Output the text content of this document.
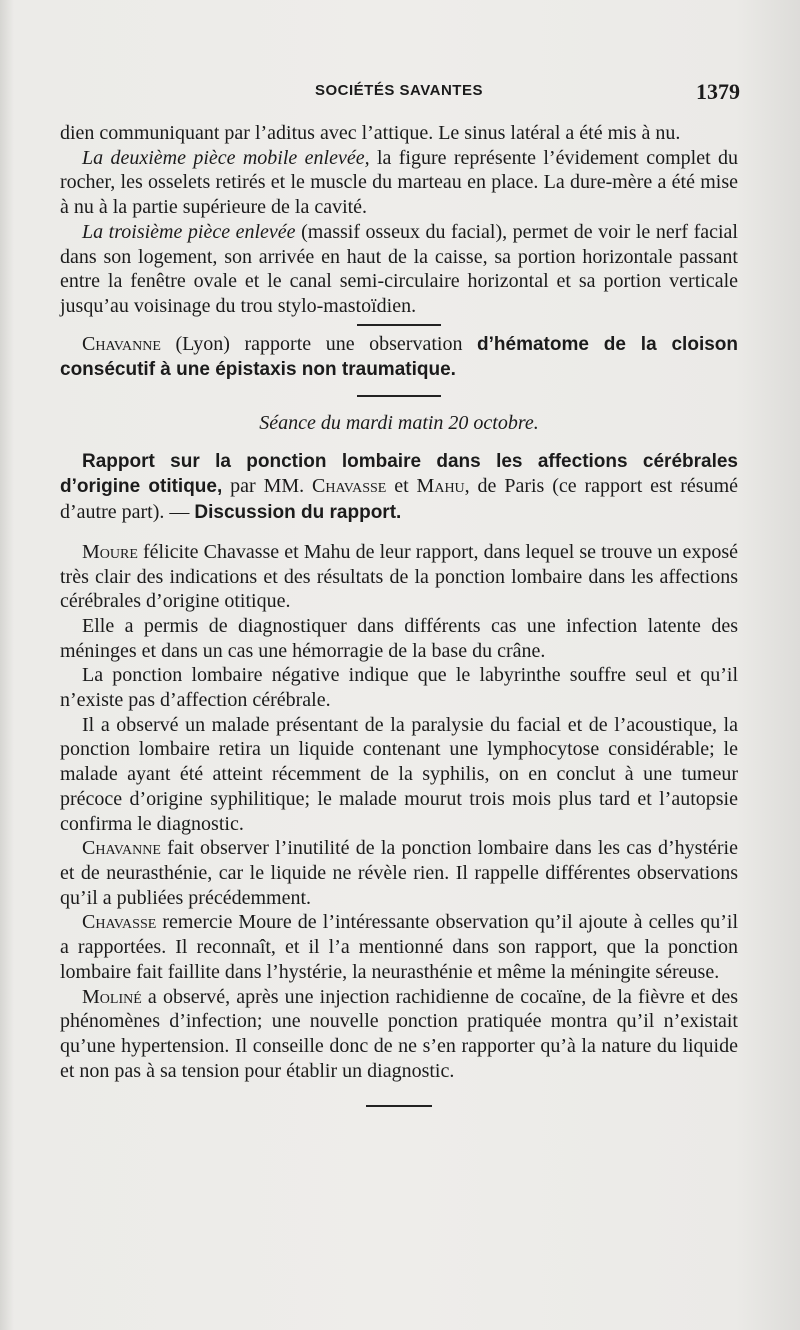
SOCIÉTÉS SAVANTES	1379

dien communiquant par l’aditus avec l’attique. Le sinus latéral a été mis à nu.

La deuxième pièce mobile enlevée, la figure représente l’évidement complet du rocher, les osselets retirés et le muscle du marteau en place. La dure-mère a été mise à nu à la partie supérieure de la cavité.

La troisième pièce enlevée (massif osseux du facial), permet de voir le nerf facial dans son logement, son arrivée en haut de la caisse, sa portion horizontale passant entre la fenêtre ovale et le canal semi-circulaire horizontal et sa portion verticale jusqu’au voisinage du trou stylo-mastoïdien.

Chavanne (Lyon) rapporte une observation d’hématome de la cloison consécutif à une épistaxis non traumatique.

Séance du mardi matin 20 octobre.

Rapport sur la ponction lombaire dans les affections cérébrales d’origine otitique, par MM. Chavasse et Mahu, de Paris (ce rapport est résumé d’autre part). — Discussion du rapport.

Moure félicite Chavasse et Mahu de leur rapport, dans lequel se trouve un exposé très clair des indications et des résultats de la ponction lombaire dans les affections cérébrales d’origine otitique.

Elle a permis de diagnostiquer dans différents cas une infection latente des méninges et dans un cas une hémorragie de la base du crâne.

La ponction lombaire négative indique que le labyrinthe souffre seul et qu’il n’existe pas d’affection cérébrale.

Il a observé un malade présentant de la paralysie du facial et de l’acoustique, la ponction lombaire retira un liquide contenant une lymphocytose considérable; le malade ayant été atteint récemment de la syphilis, on en conclut à une tumeur précoce d’origine syphilitique; le malade mourut trois mois plus tard et l’autopsie confirma le diagnostic.

Chavanne fait observer l’inutilité de la ponction lombaire dans les cas d’hystérie et de neurasthénie, car le liquide ne révèle rien. Il rappelle différentes observations qu’il a publiées précédemment.

Chavasse remercie Moure de l’intéressante observation qu’il ajoute à celles qu’il a rapportées. Il reconnaît, et il l’a mentionné dans son rapport, que la ponction lombaire fait faillite dans l’hystérie, la neurasthénie et même la méningite séreuse.

Moliné a observé, après une injection rachidienne de cocaïne, de la fièvre et des phénomènes d’infection; une nouvelle ponction pratiquée montra qu’il n’existait qu’une hypertension. Il conseille donc de ne s’en rapporter qu’à la nature du liquide et non pas à sa tension pour établir un diagnostic.
